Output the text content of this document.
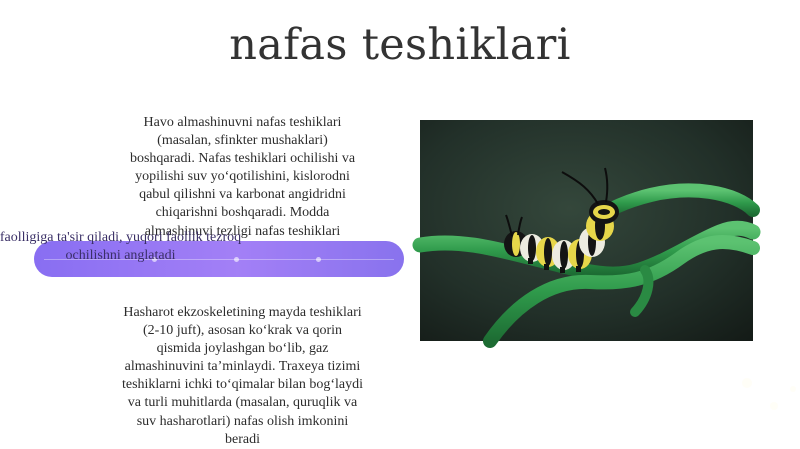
nafas teshiklari
Havo almashinuvni nafas teshiklari
(masalan, sfinkter mushaklari)
boshqaradi. Nafas teshiklari ochilishi va
yopilishi suv yo‘qotilishini, kislorodni
qabul qilishni va karbonat angidridni
chiqarishni boshqaradi. Modda
almashinuvi tezligi nafas teshiklari
faolligiga ta'sir qiladi, yuqori faollik tezroq
ochilishni anglatadi
Hasharot ekzoskeletining mayda teshiklari
(2-10 juft), asosan ko‘krak va qorin
qismida joylashgan bo‘lib, gaz
almashinuvini ta’minlaydi. Traxeya tizimi
teshiklarni ichki to‘qimalar bilan bog‘laydi
va turli muhitlarda (masalan, quruqlik va
suv hasharotlari) nafas olish imkonini
beradi
